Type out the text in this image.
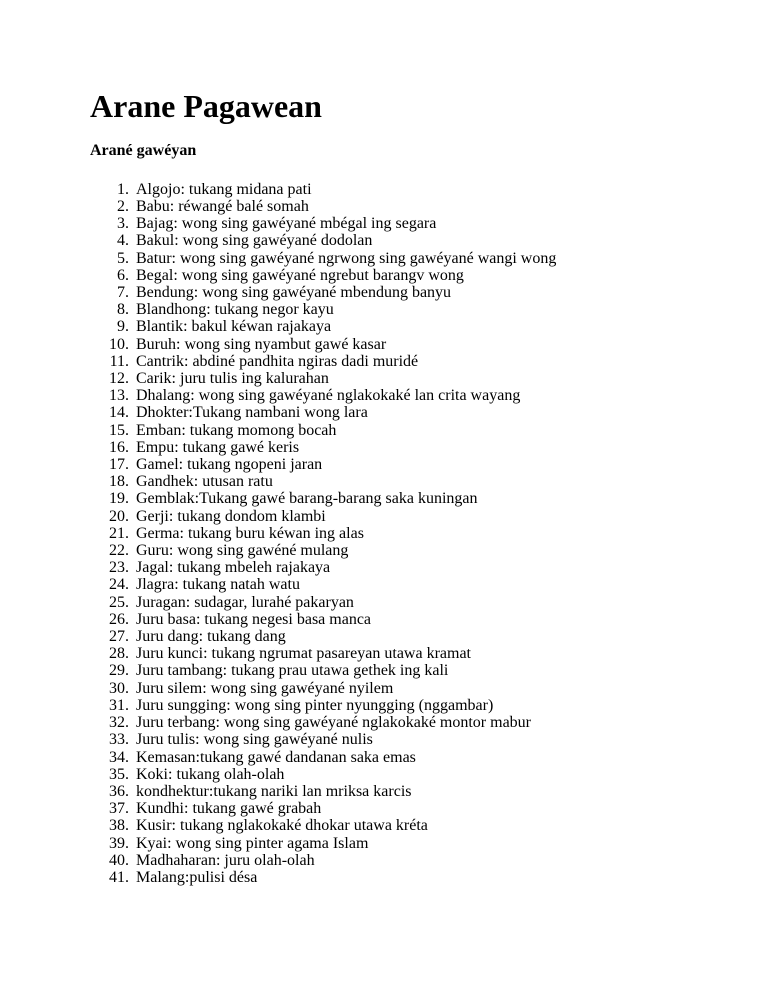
Arane Pagawean

Arané gawéyan

1. Algojo: tukang midana pati
2. Babu: réwangé balé somah
3. Bajag: wong sing gawéyané mbégal ing segara
4. Bakul: wong sing gawéyané dodolan
5. Batur: wong sing gawéyané ngrwong sing gawéyané wangi wong
6. Begal: wong sing gawéyané ngrebut barangv wong
7. Bendung: wong sing gawéyané mbendung banyu
8. Blandhong: tukang negor kayu
9. Blantik: bakul kéwan rajakaya
10. Buruh: wong sing nyambut gawé kasar
11. Cantrik: abdiné pandhita ngiras dadi muridé
12. Carik: juru tulis ing kalurahan
13. Dhalang: wong sing gawéyané nglakokaké lan crita wayang
14. Dhokter:Tukang nambani wong lara
15. Emban: tukang momong bocah
16. Empu: tukang gawé keris
17. Gamel: tukang ngopeni jaran
18. Gandhek: utusan ratu
19. Gemblak:Tukang gawé barang-barang saka kuningan
20. Gerji: tukang dondom klambi
21. Germa: tukang buru kéwan ing alas
22. Guru: wong sing gawéné mulang
23. Jagal: tukang mbeleh rajakaya
24. Jlagra: tukang natah watu
25. Juragan: sudagar, lurahé pakaryan
26. Juru basa: tukang negesi basa manca
27. Juru dang: tukang dang
28. Juru kunci: tukang ngrumat pasareyan utawa kramat
29. Juru tambang: tukang prau utawa gethek ing kali
30. Juru silem: wong sing gawéyané nyilem
31. Juru sungging: wong sing pinter nyungging (nggambar)
32. Juru terbang: wong sing gawéyané nglakokaké montor mabur
33. Juru tulis: wong sing gawéyané nulis
34. Kemasan:tukang gawé dandanan saka emas
35. Koki: tukang olah-olah
36. kondhektur:tukang nariki lan mriksa karcis
37. Kundhi: tukang gawé grabah
38. Kusir: tukang nglakokaké dhokar utawa kréta
39. Kyai: wong sing pinter agama Islam
40. Madhaharan: juru olah-olah
41. Malang:pulisi désa
